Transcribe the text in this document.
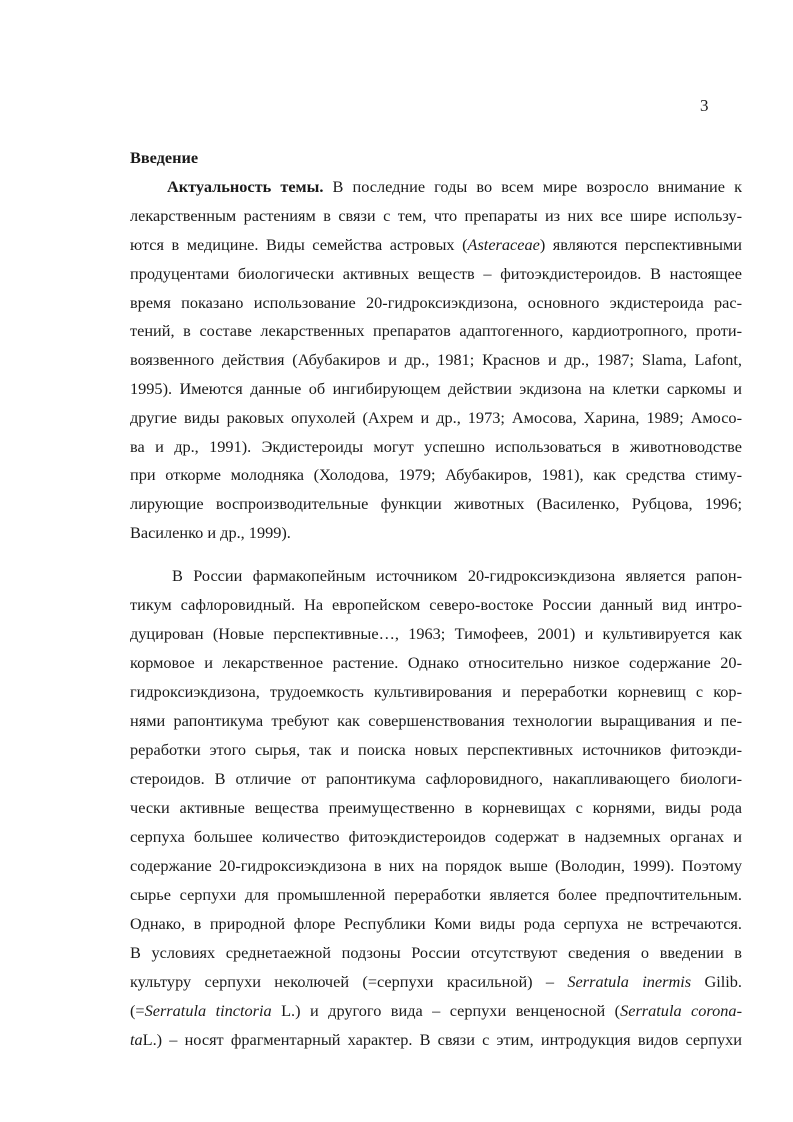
3
Введение
Актуальность темы. В последние годы во всем мире возросло внимание к
лекарственным растениям в связи с тем, что препараты из них все шире использу-
ются в медицине. Виды семейства астровых (Asteraceae) являются перспективными
продуцентами биологически активных веществ – фитоэкдистероидов. В настоящее
время показано использование 20-гидроксиэкдизона, основного экдистероида рас-
тений, в составе лекарственных препаратов адаптогенного, кардиотропного, проти-
воязвенного действия (Абубакиров и др., 1981; Краснов и др., 1987; Slama, Lafont,
1995). Имеются данные об ингибирующем действии экдизона на клетки саркомы и
другие виды раковых опухолей (Ахрем и др., 1973; Амосова, Харина, 1989; Амосо-
ва и др., 1991). Экдистероиды могут успешно использоваться в животноводстве
при откорме молодняка (Холодова, 1979; Абубакиров, 1981), как средства стиму-
лирующие воспроизводительные функции животных (Василенко, Рубцова, 1996;
Василенко и др., 1999).
В России фармакопейным источником 20-гидроксиэкдизона является рапон-
тикум сафлоровидный. На европейском северо-востоке России данный вид интро-
дуцирован (Новые перспективные…, 1963; Тимофеев, 2001) и культивируется как
кормовое и лекарственное растение. Однако относительно низкое содержание 20-
гидроксиэкдизона, трудоемкость культивирования и переработки корневищ с кор-
нями рапонтикума требуют как совершенствования технологии выращивания и пе-
реработки этого сырья, так и поиска новых перспективных источников фитоэкди-
стероидов. В отличие от рапонтикума сафлоровидного, накапливающего биологи-
чески активные вещества преимущественно в корневищах с корнями, виды рода
серпуха большее количество фитоэкдистероидов содержат в надземных органах и
содержание 20-гидроксиэкдизона в них на порядок выше (Володин, 1999). Поэтому
сырье серпухи для промышленной переработки является более предпочтительным.
Однако, в природной флоре Республики Коми виды рода серпуха не встречаются.
В условиях среднетаежной подзоны России отсутствуют сведения о введении в
культуру серпухи неколючей (=серпухи красильной) – Serratula inermis Gilib.
(=Serratula tinctoria L.) и другого вида – серпухи венценосной (Serratula corona-
taL.) – носят фрагментарный характер. В связи с этим, интродукция видов серпухи
